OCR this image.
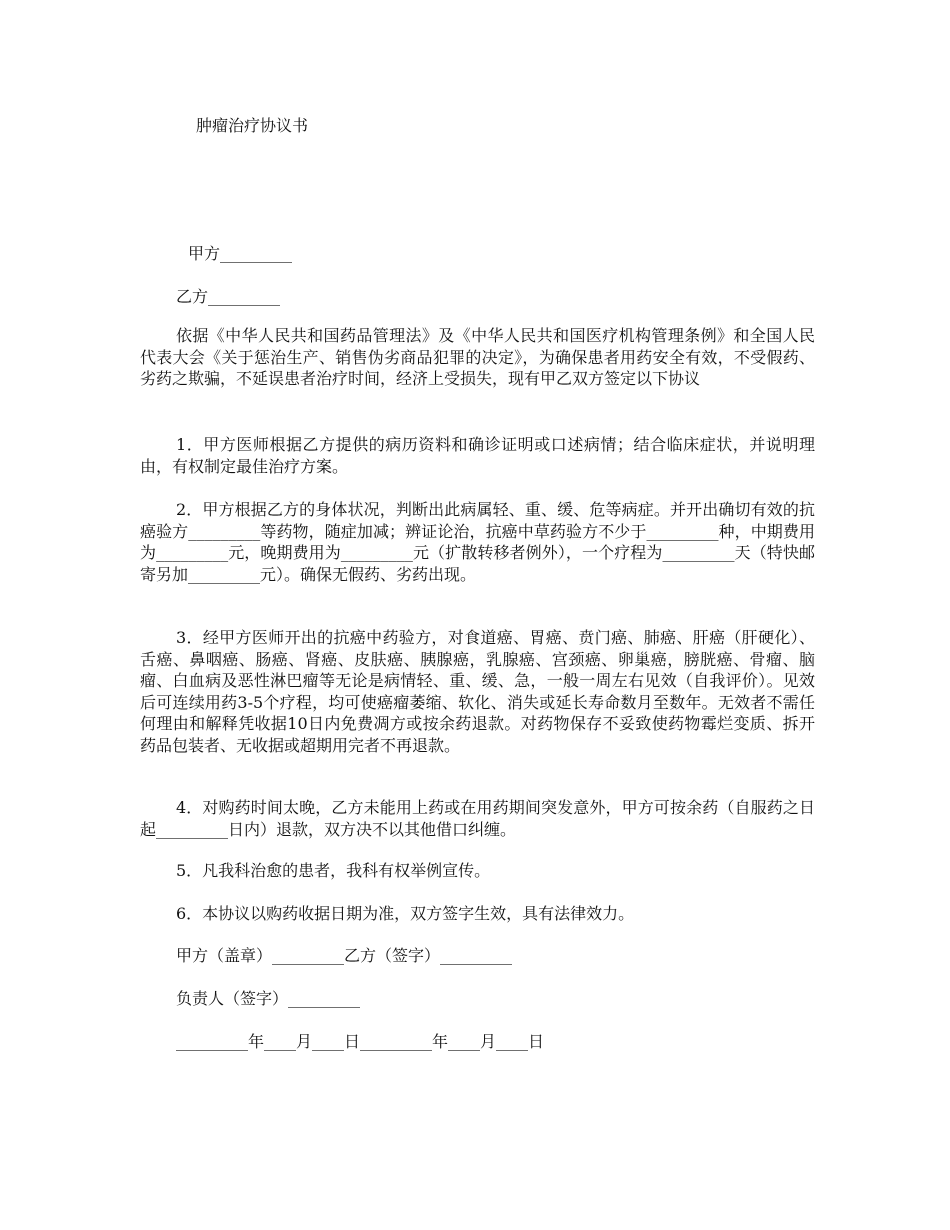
肿瘤治疗协议书
甲方_________
乙方_________
依据《中华人民共和国药品管理法》及《中华人民共和国医疗机构管理条例》和全国人民代表大会《关于惩治生产、销售伪劣商品犯罪的决定》，为确保患者用药安全有效，不受假药、劣药之欺骗，不延误患者治疗时间，经济上受损失，现有甲乙双方签定以下协议
1．甲方医师根据乙方提供的病历资料和确诊证明或口述病情；结合临床症状，并说明理由，有权制定最佳治疗方案。
2．甲方根据乙方的身体状况，判断出此病属轻、重、缓、危等病症。并开出确切有效的抗癌验方_________等药物，随症加减；辨证论治，抗癌中草药验方不少于_________种，中期费用为_________元，晚期费用为_________元（扩散转移者例外），一个疗程为_________天（特快邮寄另加_________元）。确保无假药、劣药出现。
3．经甲方医师开出的抗癌中药验方，对食道癌、胃癌、贲门癌、肺癌、肝癌（肝硬化）、舌癌、鼻咽癌、肠癌、肾癌、皮肤癌、胰腺癌，乳腺癌、宫颈癌、卵巢癌，膀胱癌、骨瘤、脑瘤、白血病及恶性淋巴瘤等无论是病情轻、重、缓、急，一般一周左右见效（自我评价）。见效后可连续用药3-5个疗程，均可使癌瘤萎缩、软化、消失或延长寿命数月至数年。无效者不需任何理由和解释凭收据10日内免费凋方或按余药退款。对药物保存不妥致使药物霉烂变质、拆开药品包装者、无收据或超期用完者不再退款。
4．对购药时间太晚，乙方未能用上药或在用药期间突发意外，甲方可按余药（自服药之日起_________日内）退款，双方决不以其他借口纠缠。
5．凡我科治愈的患者，我科有权举例宣传。
6．本协议以购药收据日期为准，双方签字生效，具有法律效力。
甲方（盖章）_________乙方（签字）_________
负责人（签字）_________
_________年____月____日_________年____月____日
